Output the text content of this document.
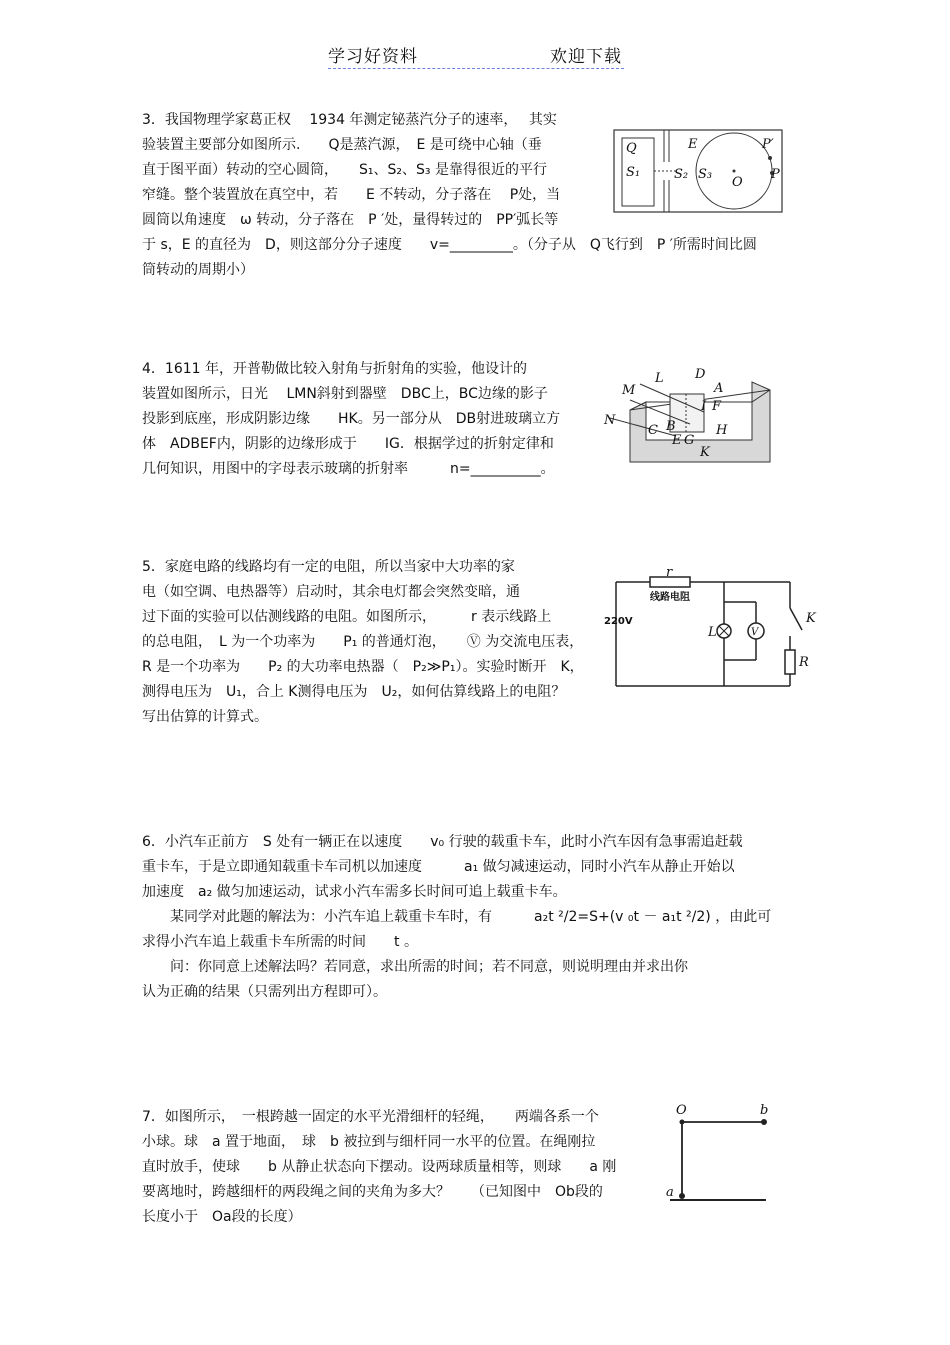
学习好资料	欢迎下载

3．我国物理学家葛正权　 1934 年测定铋蒸汽分子的速率，　 其实

验装置主要部分如图所示.　　Q是蒸汽源，　E 是可绕中心轴（垂

直于图平面）转动的空心圆筒，　　S₁、S₂、S₃ 是靠得很近的平行

窄缝。整个装置放在真空中，若　　E 不转动，分子落在　 P处，当

圆筒以角速度　ω 转动，分子落在　P ′处，量得转过的　PP′弧长等

于 s，E 的直径为　D，则这部分分子速度　　v=_________。（分子从　Q飞行到　P ′所需时间比圆

筒转动的周期小）

Q
S₁	S₂ S₃
E
O
P′
P

4．1611 年，开普勒做比较入射角与折射角的实验，他设计的

装置如图所示，日光　 LMN斜射到器壁　DBC上，BC边缘的影子

投影到底座，形成阴影边缘　　HK。另一部分从　DB射进玻璃立方

体　ADBEF内，阴影的边缘形成于　　IG．根据学过的折射定律和

几何知识，用图中的字母表示玻璃的折射率　　　n=__________。

L D
M	A
I F
N	B
E G
H
C
K

5．家庭电路的线路均有一定的电阻，所以当家中大功率的家

电（如空调、电热器等）启动时，其余电灯都会突然变暗，通

过下面的实验可以估测线路的电阻。如图所示，　　　r 表示线路上

的总电阻，　L 为一个功率为　　P₁ 的普通灯泡，　　Ⓥ 为交流电压表，

R 是一个功率为　　P₂ 的大功率电热器（　P₂≫P₁）。实验时断开　K，

测得电压为　U₁，合上 K测得电压为　U₂，如何估算线路上的电阻？

写出估算的计算式。

r
线路电阻
220V
L	V
K
R

6．小汽车正前方　S 处有一辆正在以速度　　v₀ 行驶的载重卡车，此时小汽车因有急事需追赶载

重卡车，于是立即通知载重卡车司机以加速度　　　a₁ 做匀减速运动，同时小汽车从静止开始以

加速度　a₂ 做匀加速运动，试求小汽车需多长时间可追上载重卡车。

　　某同学对此题的解法为：小汽车追上载重卡车时，有　　　a₂t ²/2=S+(v ₀t － a₁t ²/2) ，由此可

求得小汽车追上载重卡车所需的时间　　t 。

　　问：你同意上述解法吗？若同意，求出所需的时间；若不同意，则说明理由并求出你

认为正确的结果（只需列出方程即可）。

7．如图所示，　一根跨越一固定的水平光滑细杆的轻绳，　　两端各系一个

小球。球　a 置于地面，　球　b 被拉到与细杆同一水平的位置。在绳刚拉

直时放手，使球　　b 从静止状态向下摆动。设两球质量相等，则球　　a 刚

要离地时，跨越细杆的两段绳之间的夹角为多大？　　（已知图中　Ob段的

长度小于　Oa段的长度）

O	b
a
